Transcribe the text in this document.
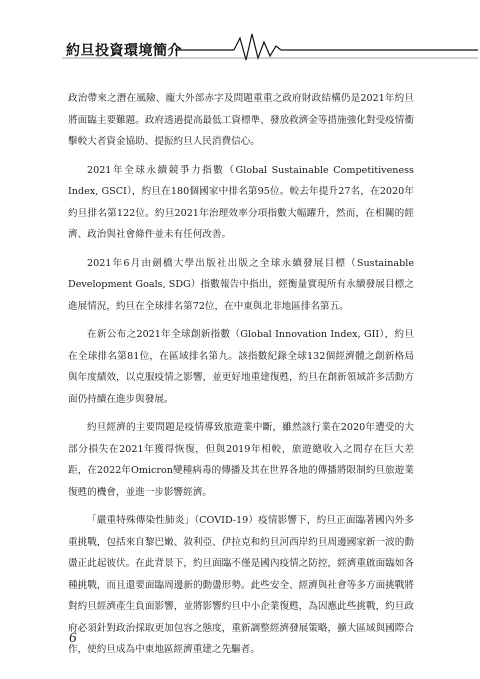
約旦投資環境簡介

政治帶來之潛在風險、龐大外部赤字及問題重重之政府財政結構仍是2021年約旦將面臨主要難題。政府透過提高最低工資標準、發放救濟金等措施強化對受疫情衝擊較大者資金協助、提振約旦人民消費信心。

2021年全球永續競爭力指數（Global Sustainable Competitiveness Index, GSCI），約旦在180個國家中排名第95位。較去年提升27名，在2020年約旦排名第122位。約旦2021年治理效率分項指數大幅躍升，然而，在相關的經濟、政治與社會條件並未有任何改善。

2021年6月由劍橋大學出版社出版之全球永續發展目標（Sustainable Development Goals, SDG）指數報告中指出，經衡量實現所有永續發展目標之進展情況，約旦在全球排名第72位，在中東與北非地區排名第五。

在新公布之2021年全球創新指數（Global Innovation Index, GII），約旦在全球排名第81位，在區域排名第九。該指數紀錄全球132個經濟體之創新格局與年度績效，以克服疫情之影響，並更好地重建復甦，約旦在創新領域許多活動方面仍持續在進步與發展。

約旦經濟的主要問題是疫情導致旅遊業中斷，雖然該行業在2020年遭受的大部分損失在2021年獲得恢復，但與2019年相較，旅遊總收入之間存在巨大差距，在2022年Omicron變種病毒的傳播及其在世界各地的傳播將限制約旦旅遊業復甦的機會，並進一步影響經濟。

「嚴重特殊傳染性肺炎」（COVID-19）疫情影響下，約旦正面臨著國內外多重挑戰，包括來自黎巴嫩、敘利亞、伊拉克和約旦河西岸約旦周邊國家新一波的動盪正此起彼伏。在此背景下，約旦面臨不僅是國內疫情之防控，經濟重啟面臨如各種挑戰，而且還要面臨周邊新的動盪形勢。此些安全、經濟與社會等多方面挑戰將對約旦經濟產生負面影響，並將影響約旦中小企業復甦，為因應此些挑戰，約旦政府必須針對政治採取更加包容之態度，重新調整經濟發展策略，擴大區域與國際合作，使約旦成為中東地區經濟重建之先驅者。

6
